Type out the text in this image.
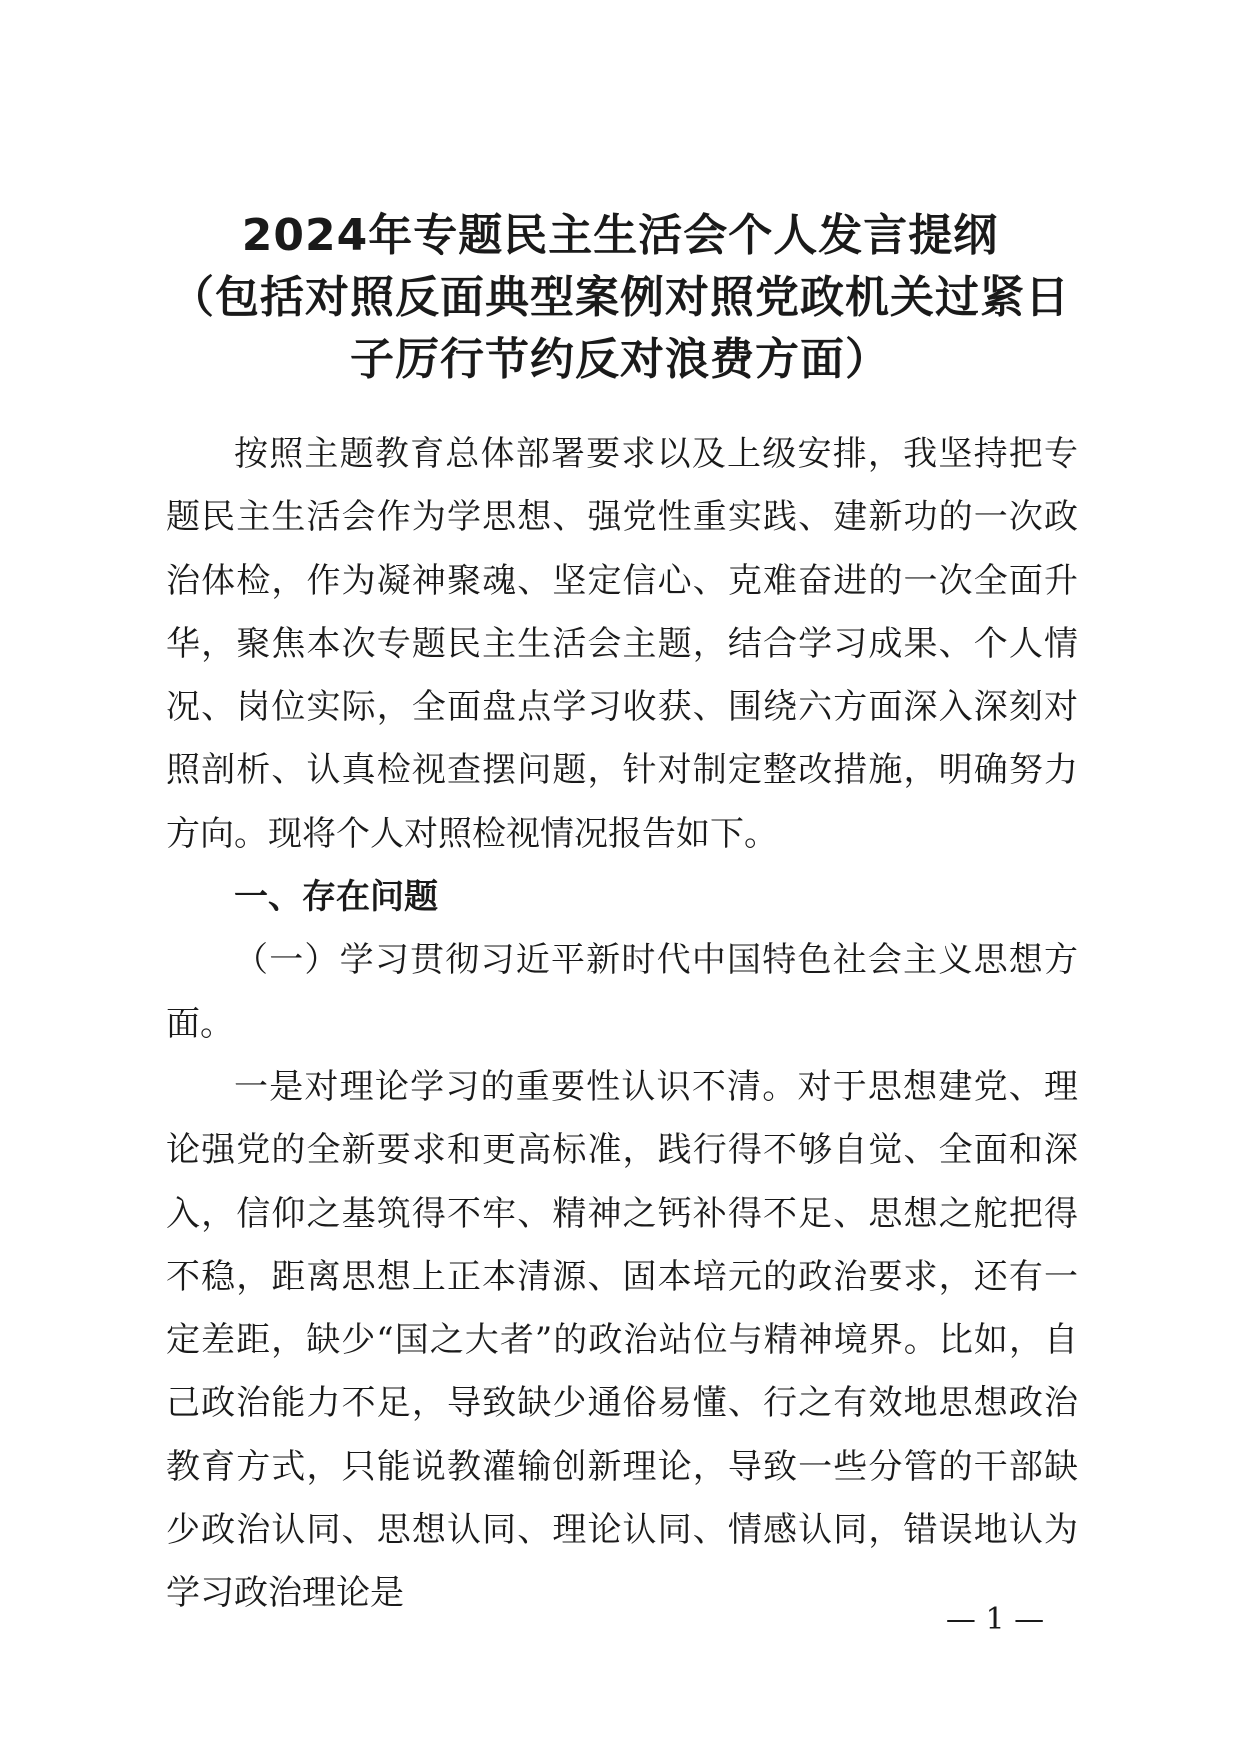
2024年专题民主生活会个人发言提纲
（包括对照反面典型案例对照党政机关过紧日
子厉行节约反对浪费方面）

按照主题教育总体部署要求以及上级安排，我坚持把专题民主生活会作为学思想、强党性重实践、建新功的一次政治体检，作为凝神聚魂、坚定信心、克难奋进的一次全面升华，聚焦本次专题民主生活会主题，结合学习成果、个人情况、岗位实际，全面盘点学习收获、围绕六方面深入深刻对照剖析、认真检视查摆问题，针对制定整改措施，明确努力方向。现将个人对照检视情况报告如下。

一、存在问题

（一）学习贯彻习近平新时代中国特色社会主义思想方面。

一是对理论学习的重要性认识不清。对于思想建党、理论强党的全新要求和更高标准，践行得不够自觉、全面和深入，信仰之基筑得不牢、精神之钙补得不足、思想之舵把得不稳，距离思想上正本清源、固本培元的政治要求，还有一定差距，缺少“国之大者”的政治站位与精神境界。比如，自己政治能力不足，导致缺少通俗易懂、行之有效地思想政治教育方式，只能说教灌输创新理论，导致一些分管的干部缺少政治认同、思想认同、理论认同、情感认同，错误地认为学习政治理论是

— 1 —
